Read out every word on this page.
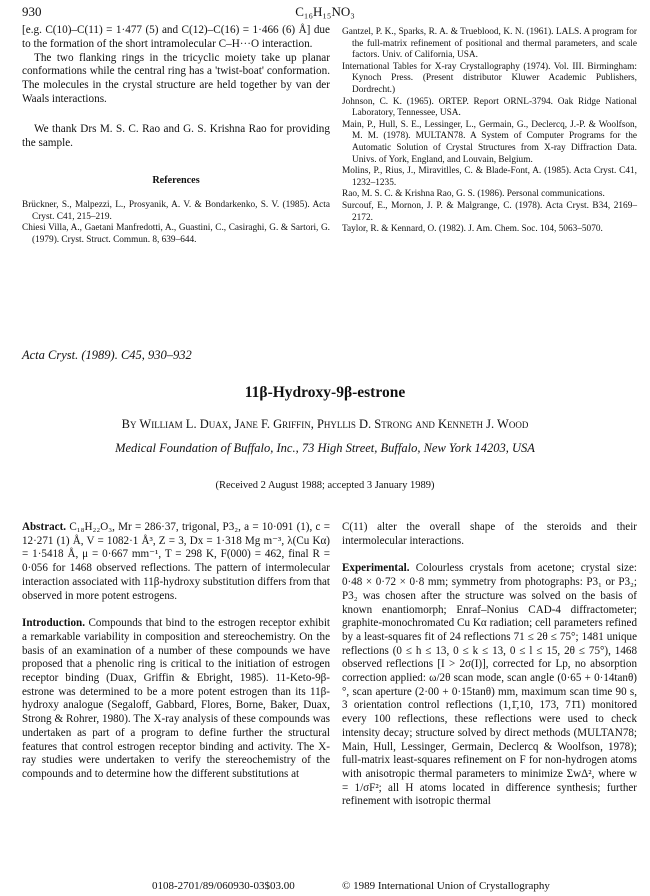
930	C₁₆H₁₅NO₃

[e.g. C(10)–C(11) = 1·477 (5) and C(12)–C(16) = 1·466 (6) Å] due to the formation of the short intramolecular C–H···O interaction.

The two flanking rings in the tricyclic moiety take up planar conformations while the central ring has a 'twist-boat' conformation. The molecules in the crystal structure are held together by van der Waals interactions.

We thank Drs M. S. C. Rao and G. S. Krishna Rao for providing the sample.

References

Brückner, S., Malpezzi, L., Prosyanik, A. V. & Bondarkenko, S. V. (1985). Acta Cryst. C41, 215–219.

Chiesi Villa, A., Gaetani Manfredotti, A., Guastini, C., Casiraghi, G. & Sartori, G. (1979). Cryst. Struct. Commun. 8, 639–644.

Gantzel, P. K., Sparks, R. A. & Trueblood, K. N. (1961). LALS. A program for the full-matrix refinement of positional and thermal parameters, and scale factors. Univ. of California, USA.

International Tables for X-ray Crystallography (1974). Vol. III. Birmingham: Kynoch Press. (Present distributor Kluwer Academic Publishers, Dordrecht.)

Johnson, C. K. (1965). ORTEP. Report ORNL-3794. Oak Ridge National Laboratory, Tennessee, USA.

Main, P., Hull, S. E., Lessinger, L., Germain, G., Declercq, J.-P. & Woolfson, M. M. (1978). MULTAN78. A System of Computer Programs for the Automatic Solution of Crystal Structures from X-ray Diffraction Data. Univs. of York, England, and Louvain, Belgium.

Molins, P., Rius, J., Miravitlles, C. & Blade-Font, A. (1985). Acta Cryst. C41, 1232–1235.

Rao, M. S. C. & Krishna Rao, G. S. (1986). Personal communications.

Surcouf, E., Mornon, J. P. & Malgrange, C. (1978). Acta Cryst. B34, 2169–2172.

Taylor, R. & Kennard, O. (1982). J. Am. Chem. Soc. 104, 5063–5070.

Acta Cryst. (1989). C45, 930–932
11β-Hydroxy-9β-estrone
By William L. Duax, Jane F. Griffin, Phyllis D. Strong and Kenneth J. Wood
Medical Foundation of Buffalo, Inc., 73 High Street, Buffalo, New York 14203, USA
(Received 2 August 1988; accepted 3 January 1989)

Abstract. C₁₈H₂₂O₃, Mr = 286·37, trigonal, P3₂, a = 10·091 (1), c = 12·271 (1) Å, V = 1082·1 Å³, Z = 3, Dx = 1·318 Mg m⁻³, λ(Cu Kα) = 1·5418 Å, μ = 0·667 mm⁻¹, T = 298 K, F(000) = 462, final R = 0·056 for 1468 observed reflections. The pattern of intermolecular interaction associated with 11β-hydroxy substitution differs from that observed in more potent estrogens.

Introduction. Compounds that bind to the estrogen receptor exhibit a remarkable variability in composition and stereochemistry. On the basis of an examination of a number of these compounds we have proposed that a phenolic ring is critical to the initiation of estrogen receptor binding (Duax, Griffin & Ebright, 1985). 11-Keto-9β-estrone was determined to be a more potent estrogen than its 11β-hydroxy analogue (Segaloff, Gabbard, Flores, Borne, Baker, Duax, Strong & Rohrer, 1980). The X-ray analysis of these compounds was undertaken as part of a program to define further the structural features that control estrogen receptor binding and activity. The X-ray studies were undertaken to verify the stereochemistry of the compounds and to determine how the different substitutions at

C(11) alter the overall shape of the steroids and their intermolecular interactions.

Experimental. Colourless crystals from acetone; crystal size: 0·48 × 0·72 × 0·8 mm; symmetry from photographs: P3₁ or P3₂; P3₂ was chosen after the structure was solved on the basis of known enantiomorph; Enraf–Nonius CAD-4 diffractometer; graphite-monochromated Cu Kα radiation; cell parameters refined by a least-squares fit of 24 reflections 71 ≤ 2θ ≤ 75°; 1481 unique reflections (0 ≤ h ≤ 13, 0 ≤ k ≤ 13, 0 ≤ l ≤ 15, 2θ ≤ 75°), 1468 observed reflections [I > 2σ(I)], corrected for Lp, no absorption correction applied: ω/2θ scan mode, scan angle (0·65 + 0·14tanθ)°, scan aperture (2·00 + 0·15tanθ) mm, maximum scan time 90 s, 3 orientation control reflections (1,1̄,10, 173, 71̄1) monitored every 100 reflections, these reflections were used to check intensity decay; structure solved by direct methods (MULTAN78; Main, Hull, Lessinger, Germain, Declercq & Woolfson, 1978); full-matrix least-squares refinement on F for non-hydrogen atoms with anisotropic thermal parameters to minimize ΣwΔ², where w = 1/σF²; all H atoms located in difference synthesis; further refinement with isotropic thermal

0108-2701/89/060930-03$03.00	© 1989 International Union of Crystallography
